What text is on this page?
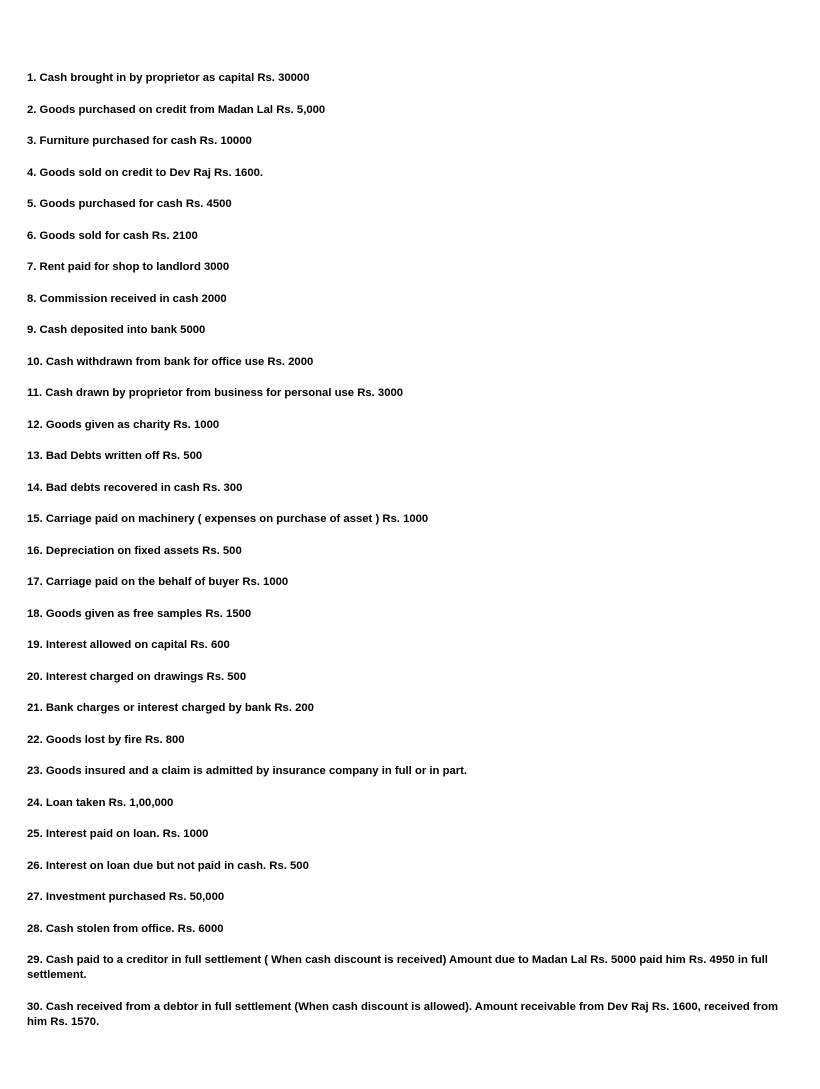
1. Cash brought in by proprietor as capital Rs. 30000
2. Goods purchased on credit from Madan Lal Rs. 5,000
3. Furniture purchased for cash Rs. 10000
4. Goods sold on credit to Dev Raj Rs. 1600.
5. Goods purchased for cash Rs. 4500
6. Goods sold for cash Rs. 2100
7. Rent paid for shop to landlord 3000
8. Commission received in cash 2000
9. Cash deposited into bank 5000
10. Cash withdrawn from bank for office use Rs. 2000
11. Cash drawn by proprietor from business for personal use Rs. 3000
12. Goods given as charity Rs. 1000
13. Bad Debts written off Rs. 500
14. Bad debts recovered in cash Rs. 300
15. Carriage paid on machinery ( expenses on purchase of asset ) Rs. 1000
16. Depreciation on fixed assets Rs. 500
17. Carriage paid on the behalf of buyer Rs. 1000
18. Goods given as free samples Rs. 1500
19. Interest allowed on capital Rs. 600
20. Interest charged on drawings Rs. 500
21. Bank charges or interest charged by bank Rs. 200
22. Goods lost by fire Rs. 800
23. Goods insured and a claim is admitted by insurance company in full or in part.
24. Loan taken Rs. 1,00,000
25. Interest paid on loan. Rs. 1000
26. Interest on loan due but not paid in cash. Rs. 500
27. Investment purchased Rs. 50,000
28. Cash stolen from office. Rs. 6000
29. Cash paid to a creditor in full settlement ( When cash discount is received) Amount due to Madan Lal Rs. 5000 paid him Rs. 4950 in full settlement.
30. Cash received from a debtor in full settlement (When cash discount is allowed). Amount receivable from Dev Raj Rs. 1600, received from him Rs. 1570.
